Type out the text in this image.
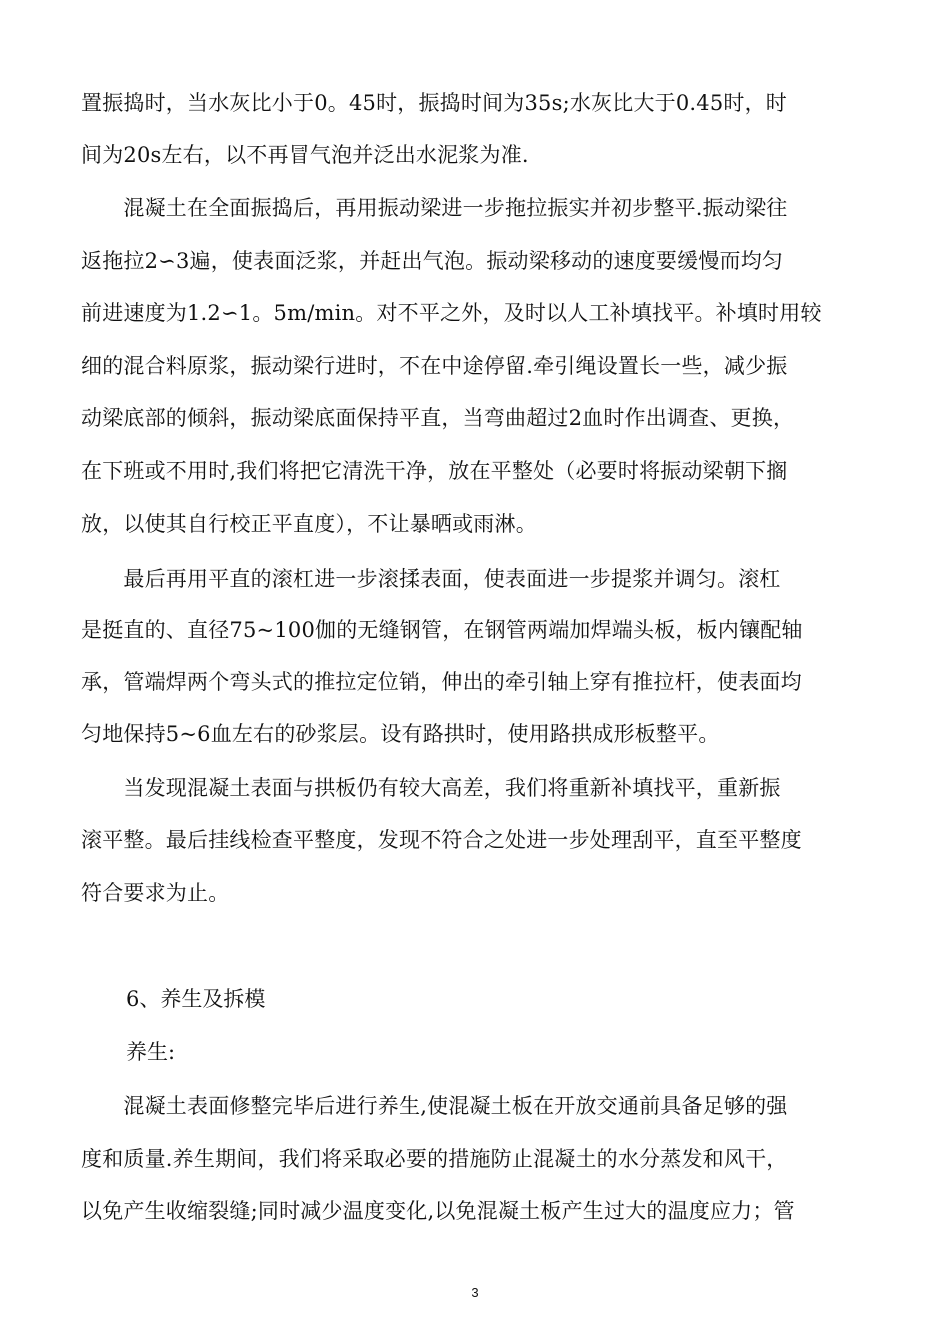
置振捣时，当水灰比小于0。45时，振捣时间为35s;水灰比大于0.45时，时
间为20s左右，以不再冒气泡并泛出水泥浆为准.
　　混凝土在全面振捣后，再用振动梁进一步拖拉振实并初步整平.振动梁往
返拖拉2∽3遍，使表面泛浆，并赶出气泡。振动梁移动的速度要缓慢而均匀
前进速度为1.2∽1。5m/min。对不平之外，及时以人工补填找平。补填时用较
细的混合料原浆，振动梁行进时，不在中途停留.牵引绳设置长一些，减少振
动梁底部的倾斜，振动梁底面保持平直，当弯曲超过2血时作出调查、更换，
在下班或不用时,我们将把它清洗干净，放在平整处（必要时将振动梁朝下搁
放，以使其自行校正平直度），不让暴晒或雨淋。
　　最后再用平直的滚杠进一步滚揉表面，使表面进一步提浆并调匀。滚杠
是挺直的、直径75~100伽的无缝钢管，在钢管两端加焊端头板，板内镶配轴
承，管端焊两个弯头式的推拉定位销，伸出的牵引轴上穿有推拉杆，使表面均
匀地保持5~6血左右的砂浆层。设有路拱时，使用路拱成形板整平。
　　当发现混凝土表面与拱板仍有较大高差，我们将重新补填找平，重新振
滚平整。最后挂线检查平整度，发现不符合之处进一步处理刮平，直至平整度
符合要求为止。
6、养生及拆模
养生:
　　混凝土表面修整完毕后进行养生,使混凝土板在开放交通前具备足够的强
度和质量.养生期间，我们将采取必要的措施防止混凝土的水分蒸发和风干，
以免产生收缩裂缝;同时减少温度变化,以免混凝土板产生过大的温度应力；管
3
